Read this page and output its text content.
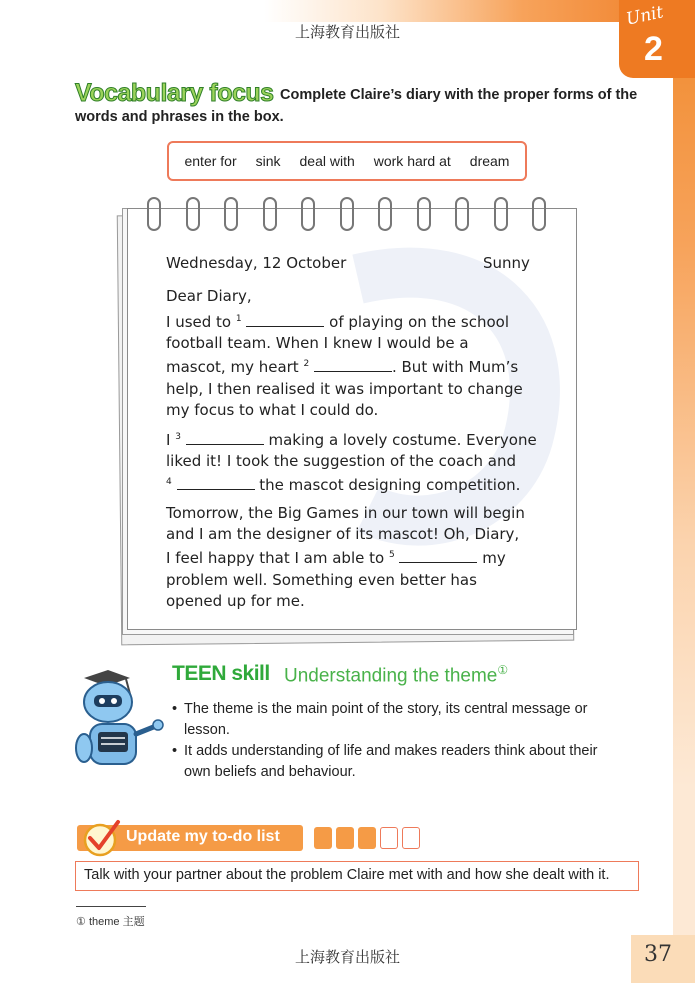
Unit
2
上海教育出版社
Vocabulary focus Complete Claire’s diary with the proper forms of the
words and phrases in the box.
enter for sink deal with work hard at dream
Wednesday, 12 October	Sunny
Dear Diary,
I used to $^1$	of playing on the school
football team. When I knew I would be a
mascot, my heart $^2$	. But with Mum’s
help, I then realised it was important to change
my focus to what I could do.
I $^3$	making a lovely costume. Everyone
liked it! I took the suggestion of the coach and
$^4$	the mascot designing competition.
Tomorrow, the Big Games in our town will begin
and I am the designer of its mascot! Oh, Diary,
I feel happy that I am able to $^5$	my
problem well. Something even better has
opened up for me.
TEEN skill Understanding the theme①
• The theme is the main point of the story, its central message or
lesson.
• It adds understanding of life and makes readers think about their
own beliefs and behaviour.
Update my to-do list
Talk with your partner about the problem Claire met with and how she dealt with it.
① theme 主题
上海教育出版社	37
